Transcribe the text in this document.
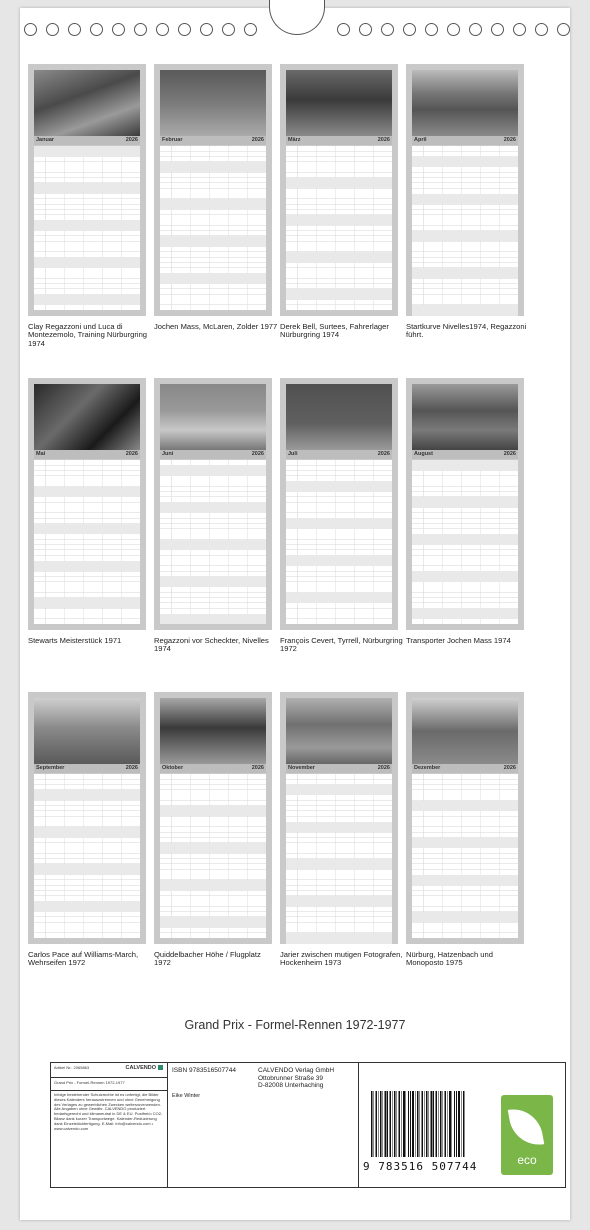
Januar	2026
Clay Regazzoni und Luca di Montezemolo, Training Nürburgring 1974
Februar	2026
Jochen Mass, McLaren, Zolder 1977
März	2026
Derek Bell, Surtees, Fahrerlager Nürburgring 1974
April	2026
Startkurve Nivelles1974, Regazzoni führt.
Mai	2026
Stewarts Meisterstück 1971
Juni	2026
Regazzoni vor Scheckter, Nivelles 1974
Juli	2026
François Cevert, Tyrrell, Nürburgring 1972
August	2026
Transporter Jochen Mass 1974
September	2026
Carlos Pace auf Williams-March, Wehrseifen 1972
Oktober	2026
Quiddelbacher Höhe / Flugplatz 1972
November	2026
Jarier zwischen mutigen Fotografen, Hockenheim 1973
Dezember	2026
Nürburg, Hatzenbach und Monoposto 1975
Grand Prix - Formel-Rennen 1972-1977
Artikel Nr.: 2065863	CALVENDO
Grand Prix - Formel-Rennen 1972-1977
Infolge bestehender Schutzrechte ist es unfertigt, die Bilder dieses Kalenders herauszutrennen und ohne Genehmigung des Verlages zu gewerblichen Zwecken weiterzuverwenden. Alle Angaben ohne Gewähr. CALVENDO produziert bedarfsgerecht und klimaneutral in DE & EU. Postfrei/o CO2-Bilanz dank kurzer Transportwege. Kalender-Reduzierung dank Einzelstückfertigung. E-Mail: info@calvendo.com • www.calvendo.com
ISBN 9783516507744	CALVENDO Verlag GmbH
Ottobrunner Straße 39
D-82008 Unterhaching
Eike Winter
9 783516 507744	eco
